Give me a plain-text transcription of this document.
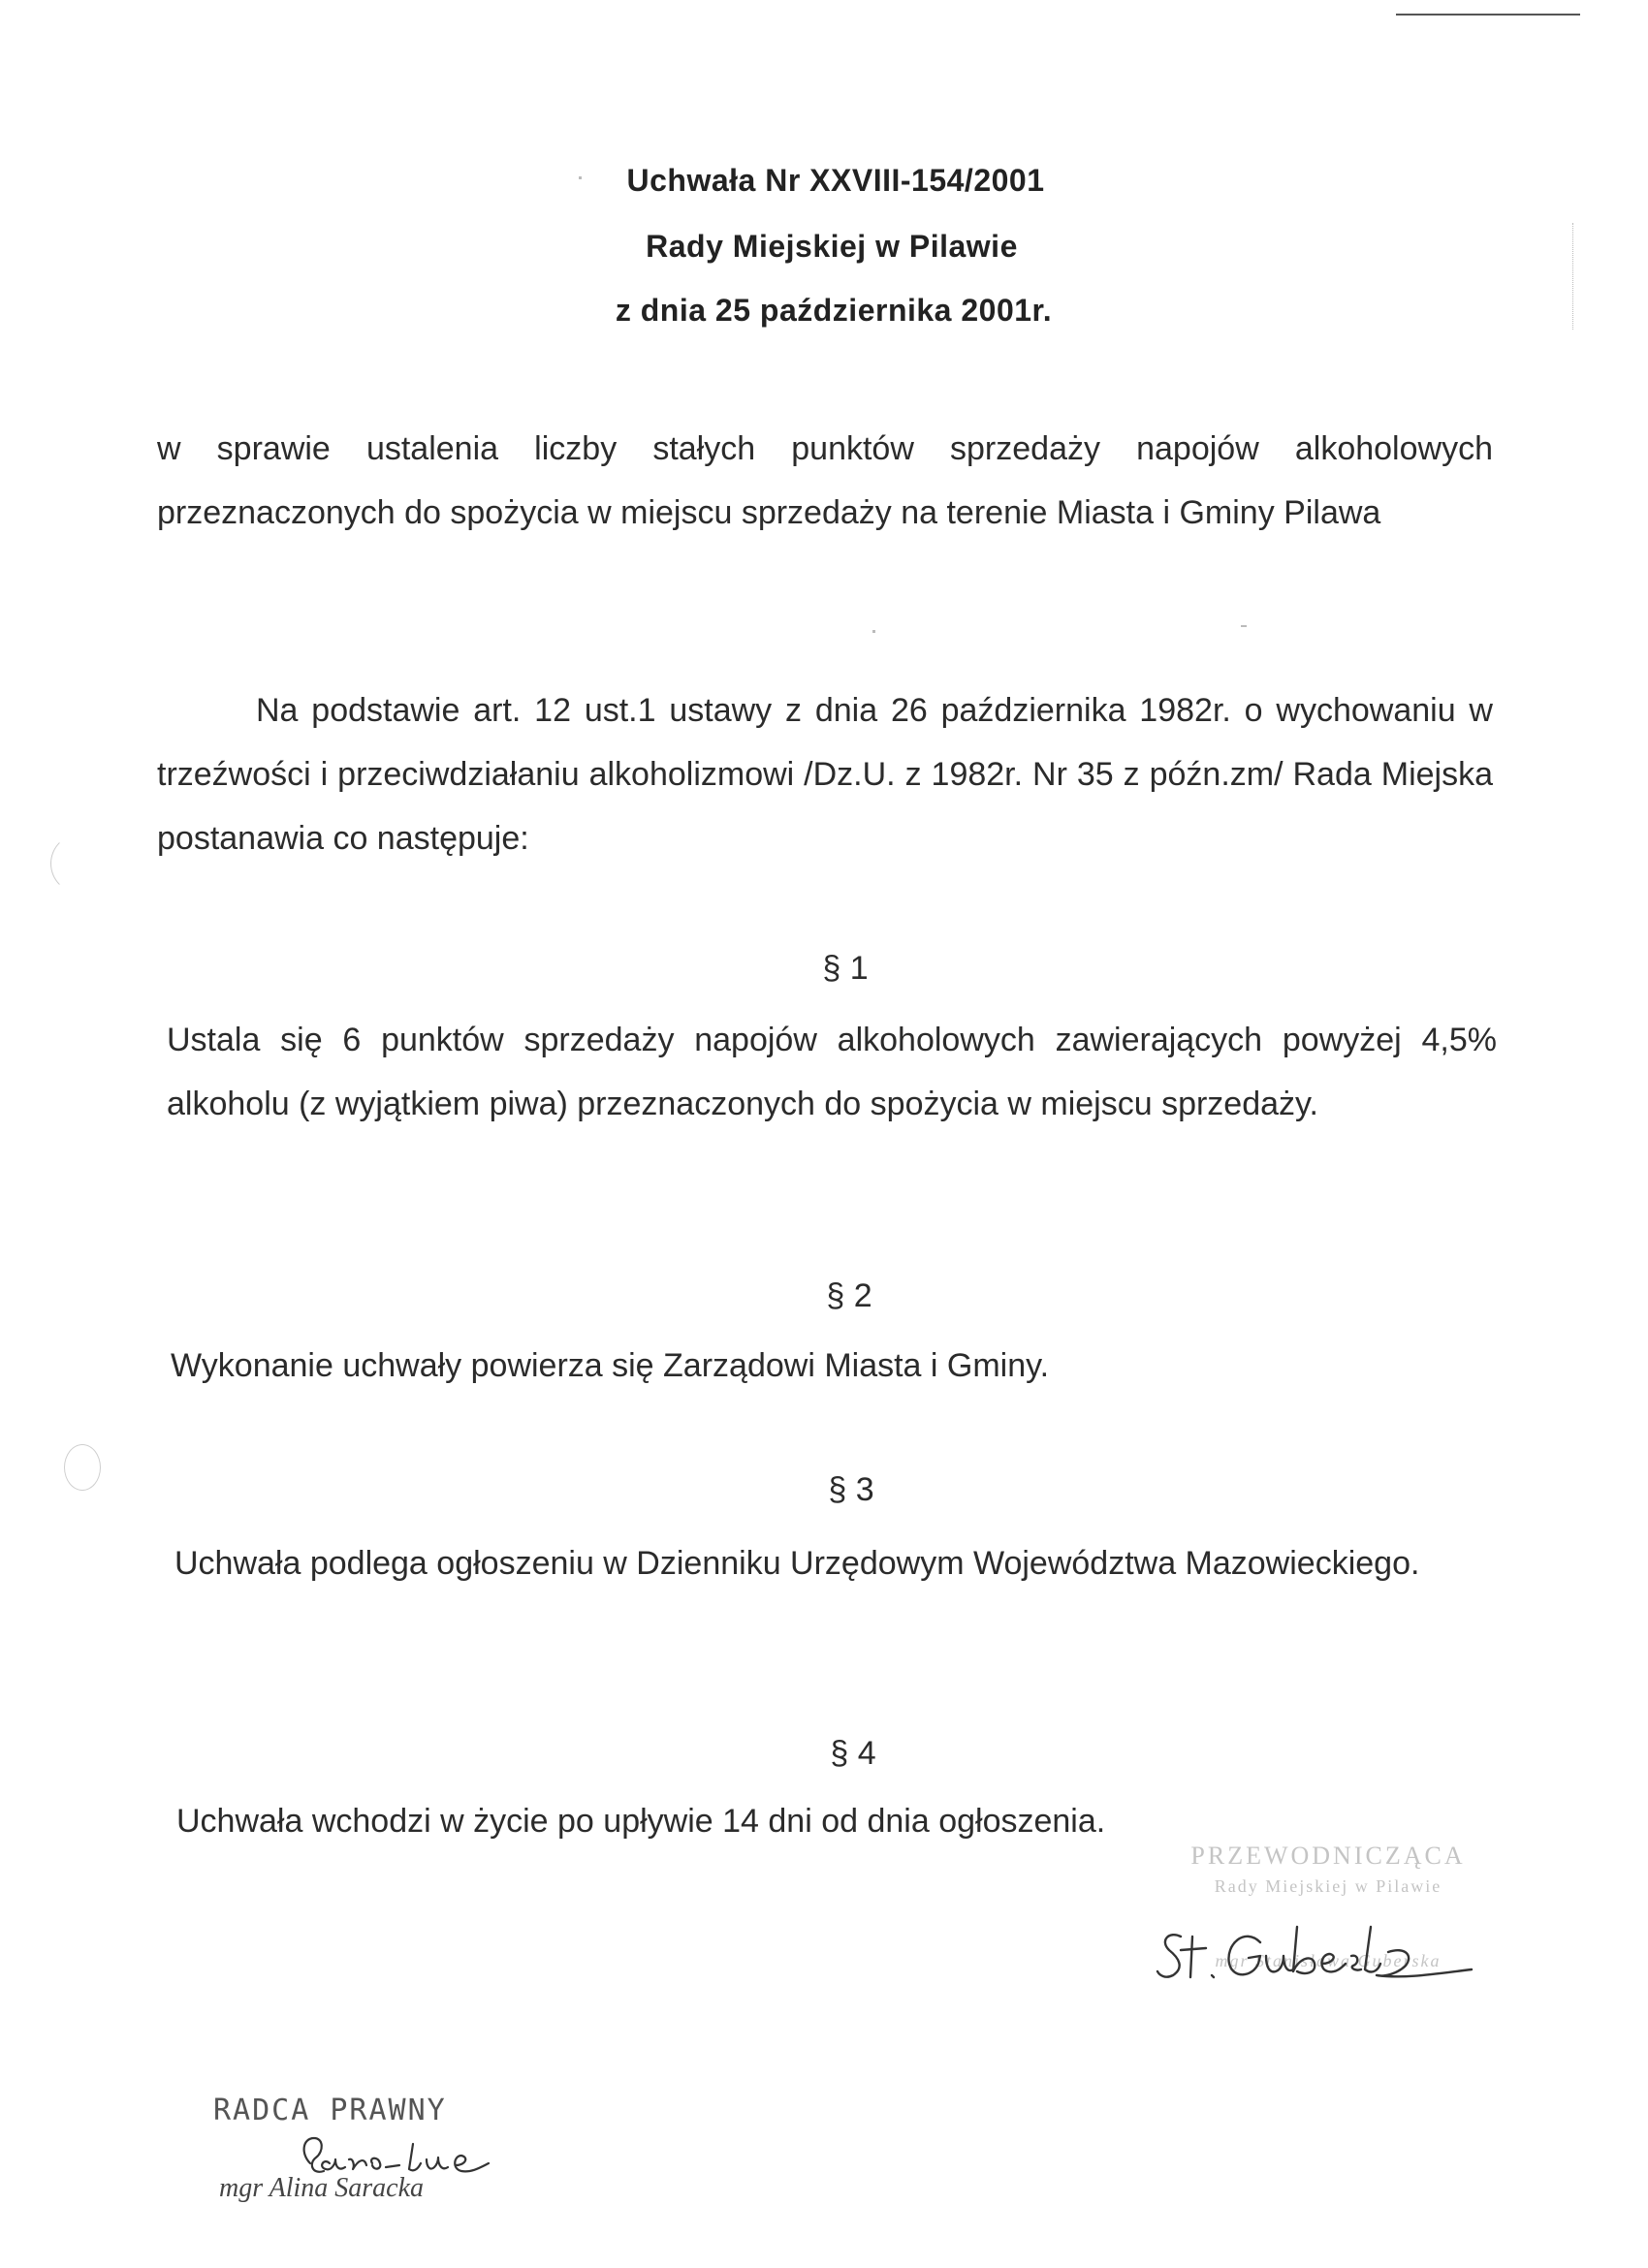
Uchwała Nr XXVIII-154/2001
Rady Miejskiej w Pilawie
z dnia 25 października 2001r.
w sprawie ustalenia liczby stałych punktów sprzedaży napojów alkoholowych przeznaczonych do spożycia w miejscu sprzedaży na terenie Miasta i Gminy Pilawa
Na podstawie art. 12 ust.1 ustawy z dnia 26 października 1982r. o wychowaniu w trzeźwości i przeciwdziałaniu alkoholizmowi /Dz.U. z 1982r. Nr 35 z późn.zm/ Rada Miejska postanawia co następuje:
§ 1
Ustala się 6 punktów sprzedaży napojów alkoholowych zawierających powyżej 4,5% alkoholu (z wyjątkiem piwa) przeznaczonych do spożycia w miejscu sprzedaży.
§ 2
Wykonanie uchwały powierza się Zarządowi Miasta i Gminy.
§ 3
Uchwała podlega ogłoszeniu w Dzienniku Urzędowym Województwa Mazowieckiego.
§ 4
Uchwała wchodzi w życie po upływie 14 dni od dnia ogłoszenia.
PRZEWODNICZĄCA
Rady Miejskiej w Pilawie
mgr Stanisława Guberska
RADCA PRAWNY
mgr Alina Saracka
